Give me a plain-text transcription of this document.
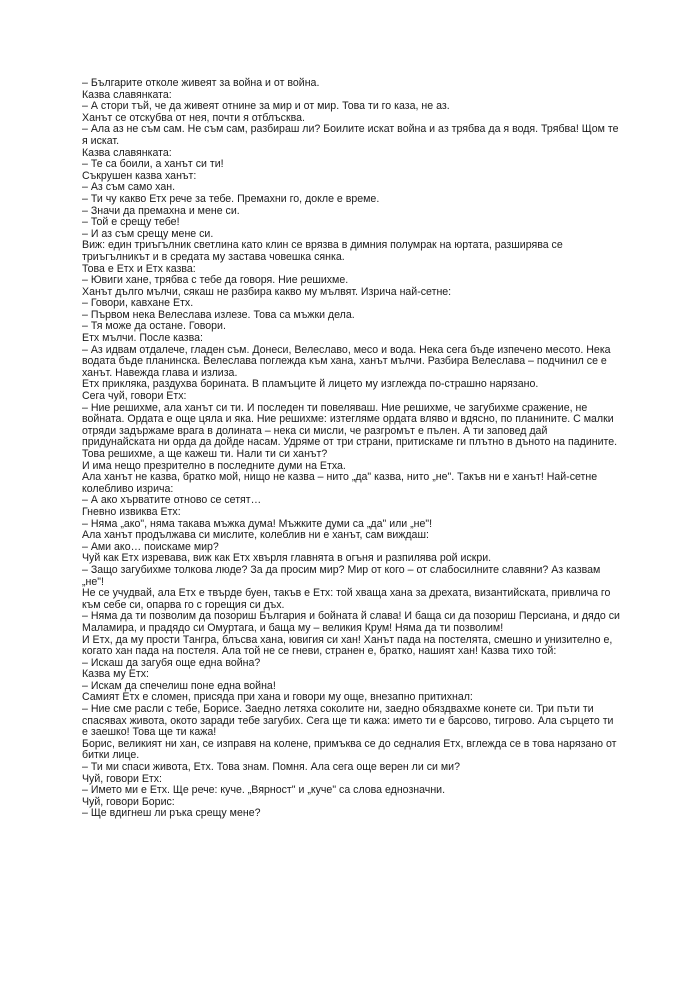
– Българите отколе живеят за война и от война.

Казва славянката:

– А стори тъй, че да живеят отнине за мир и от мир. Това ти го каза, не аз.

Ханът се отскубва от нея, почти я отблъсква.

– Ала аз не съм сам. Не съм сам, разбираш ли? Боилите искат война и аз трябва да я водя. Трябва! Щом те я искат.

Казва славянката:

– Те са боили, а ханът си ти!

Съкрушен казва ханът:

– Аз съм само хан.

– Ти чу какво Етх рече за тебе. Премахни го, докле е време.

– Значи да премахна и мене си.

– Той е срещу тебе!

– И аз съм срещу мене си.

Виж: един триъгълник светлина като клин се врязва в димния полумрак на юртата, разширява се триъгълникът и в средата му застава човешка сянка.

Това е Етх и Етх казва:

– Ювиги хане, трябва с тебе да говоря. Ние решихме.

Ханът дълго мълчи, сякаш не разбира какво му мълвят. Изрича най-сетне:

– Говори, кавхане Етх.

– Първом нека Велеслава излезе. Това са мъжки дела.

– Тя може да остане. Говори.

Етх мълчи. После казва:

– Аз идвам отдалече, гладен съм. Донеси, Велеславо, месо и вода. Нека сега бъде изпечено месото. Нека водата бъде планинска. Велеслава поглежда към хана, ханът мълчи. Разбира Велеслава – подчинил се е ханът. Навежда глава и излиза.

Етх приклякa, раздухва борината. В пламъците й лицето му изглежда по-страшно нарязано.

Сега чуй, говори Етх:

– Ние решихме, ала ханът си ти. И последен ти повеляваш. Ние решихме, че загубихме сражение, не войната. Ордата е още цяла и яка. Ние решихме: изтегляме ордата вляво и вдясно, по планините. С малки отряди задържаме врага в долината – нека си мисли, че разгромът е пълен. А ти заповед дай придунайската ни орда да дойде насам. Удряме от три страни, притискаме ги плътно в дъното на падините. Това решихме, а ще кажеш ти. Нали ти си ханът?

И има нещо презрително в последните думи на Етха.

Ала ханът не казва, братко мой, нищо не казва – нито „да" казва, нито „не". Такъв ни е ханът! Най-сетне колебливо изрича:

– А ако хърватите отново се сетят…

Гневно извиква Етх:

– Няма „ако", няма такава мъжка дума! Мъжките думи са „да" или „не"!

Ала ханът продължава си мислите, колеблив ни е ханът, сам виждаш:

– Ами ако… поискаме мир?

Чуй как Етх изревава, виж как Етх хвърля главнята в огъня и разпилява рой искри.

– Защо загубихме толкова люде? За да просим мир? Мир от кого – от слабосилните славяни? Аз казвам „не"!

Не се учудвай, ала Етх е твърде буен, такъв е Етх: той хваща хана за дрехата, византийската, привлича го към себе си, опарва го с горещия си дъх.

– Няма да ти позволим да позориш България и бойната й слава! И баща си да позориш Персиана, и дядо си Маламира, и прадядо си Омуртага, и баща му – великия Крум! Няма да ти позволим!

И Етх, да му прости Тангра, блъсва хана, ювигия си хан! Ханът пада на постелята, смешно и унизително е, когато хан пада на постеля. Ала той не се гневи, странен е, братко, нашият хан! Казва тихо той:

– Искаш да загубя още една война?

Казва му Етх:

– Искам да спечелиш поне една война!

Самият Етх е сломен, присяда при хана и говори му още, внезапно притихнал:

– Ние сме расли с тебе, Борисе. Заедно летяха соколите ни, заедно обяздвахме конете си. Три пъти ти спасявах живота, окото заради тебе загубих. Сега ще ти кажа: името ти е барсово, тигрово. Ала сърцето ти е заешко! Това ще ти кажа!

Борис, великият ни хан, се изправя на колене, примъква се до седналия Етх, вглежда се в това нарязано от битки лице.

– Ти ми спаси живота, Етх. Това знам. Помня. Ала сега още верен ли си ми?

Чуй, говори Етх:

– Името ми е Етх. Ще рече: куче. „Вярност" и „куче" са слова еднозначни.

Чуй, говори Борис:

– Ще вдигнеш ли ръка срещу мене?
